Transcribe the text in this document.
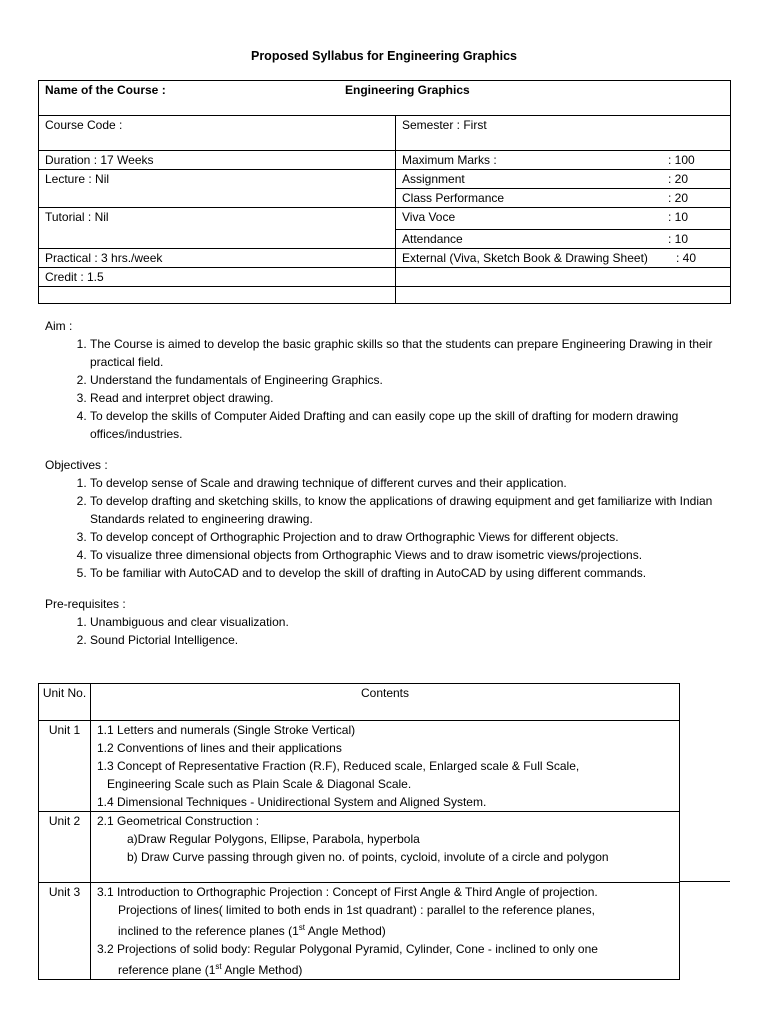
Proposed Syllabus for Engineering Graphics
Name of the Course : Engineering Graphics	

Course Code :	Semester : First
Duration : 17 Weeks	Maximum Marks : : 100

Lecture : Nil	Assignment : 20

	Class Performance : 20

Tutorial : Nil	Viva Voce : 10

	Attendance : 10

Practical : 3 hrs./week	External (Viva, Sketch Book & Drawing Sheet) : 40

Credit : 1.5	

Aim :
1. The Course is aimed to develop the basic graphic skills so that the students can prepare Engineering Drawing in their practical field.
2. Understand the fundamentals of Engineering Graphics.
3. Read and interpret object drawing.
4. To develop the skills of Computer Aided Drafting and can easily cope up the skill of drafting for modern drawing offices/industries.
Objectives :
1. To develop sense of Scale and drawing technique of different curves and their application.
2. To develop drafting and sketching skills, to know the applications of drawing equipment and get familiarize with Indian Standards related to engineering drawing.
3. To develop concept of Orthographic Projection and to draw Orthographic Views for different objects.
4. To visualize three dimensional objects from Orthographic Views and to draw isometric views/projections.
5. To be familiar with AutoCAD and to develop the skill of drafting in AutoCAD by using different commands.
Pre-requisites :
1. Unambiguous and clear visualization.
2. Sound Pictorial Intelligence.
Unit No.	Contents
Unit 1	1.1 Letters and numerals (Single Stroke Vertical)
1.2 Conventions of lines and their applications
1.3 Concept of Representative Fraction (R.F), Reduced scale, Enlarged scale & Full Scale,
Engineering Scale such as Plain Scale & Diagonal Scale.
1.4 Dimensional Techniques - Unidirectional System and Aligned System.

Unit 2	2.1 Geometrical Construction :
a)Draw Regular Polygons, Ellipse, Parabola, hyperbola
b) Draw Curve passing through given no. of points, cycloid, involute of a circle and polygon

Unit 3	3.1 Introduction to Orthographic Projection : Concept of First Angle & Third Angle of projection.
Projections of lines( limited to both ends in 1st quadrant) : parallel to the reference planes,
inclined to the reference planes (1st Angle Method)
3.2 Projections of solid body: Regular Polygonal Pyramid, Cylinder, Cone - inclined to only one
reference plane (1st Angle Method)
